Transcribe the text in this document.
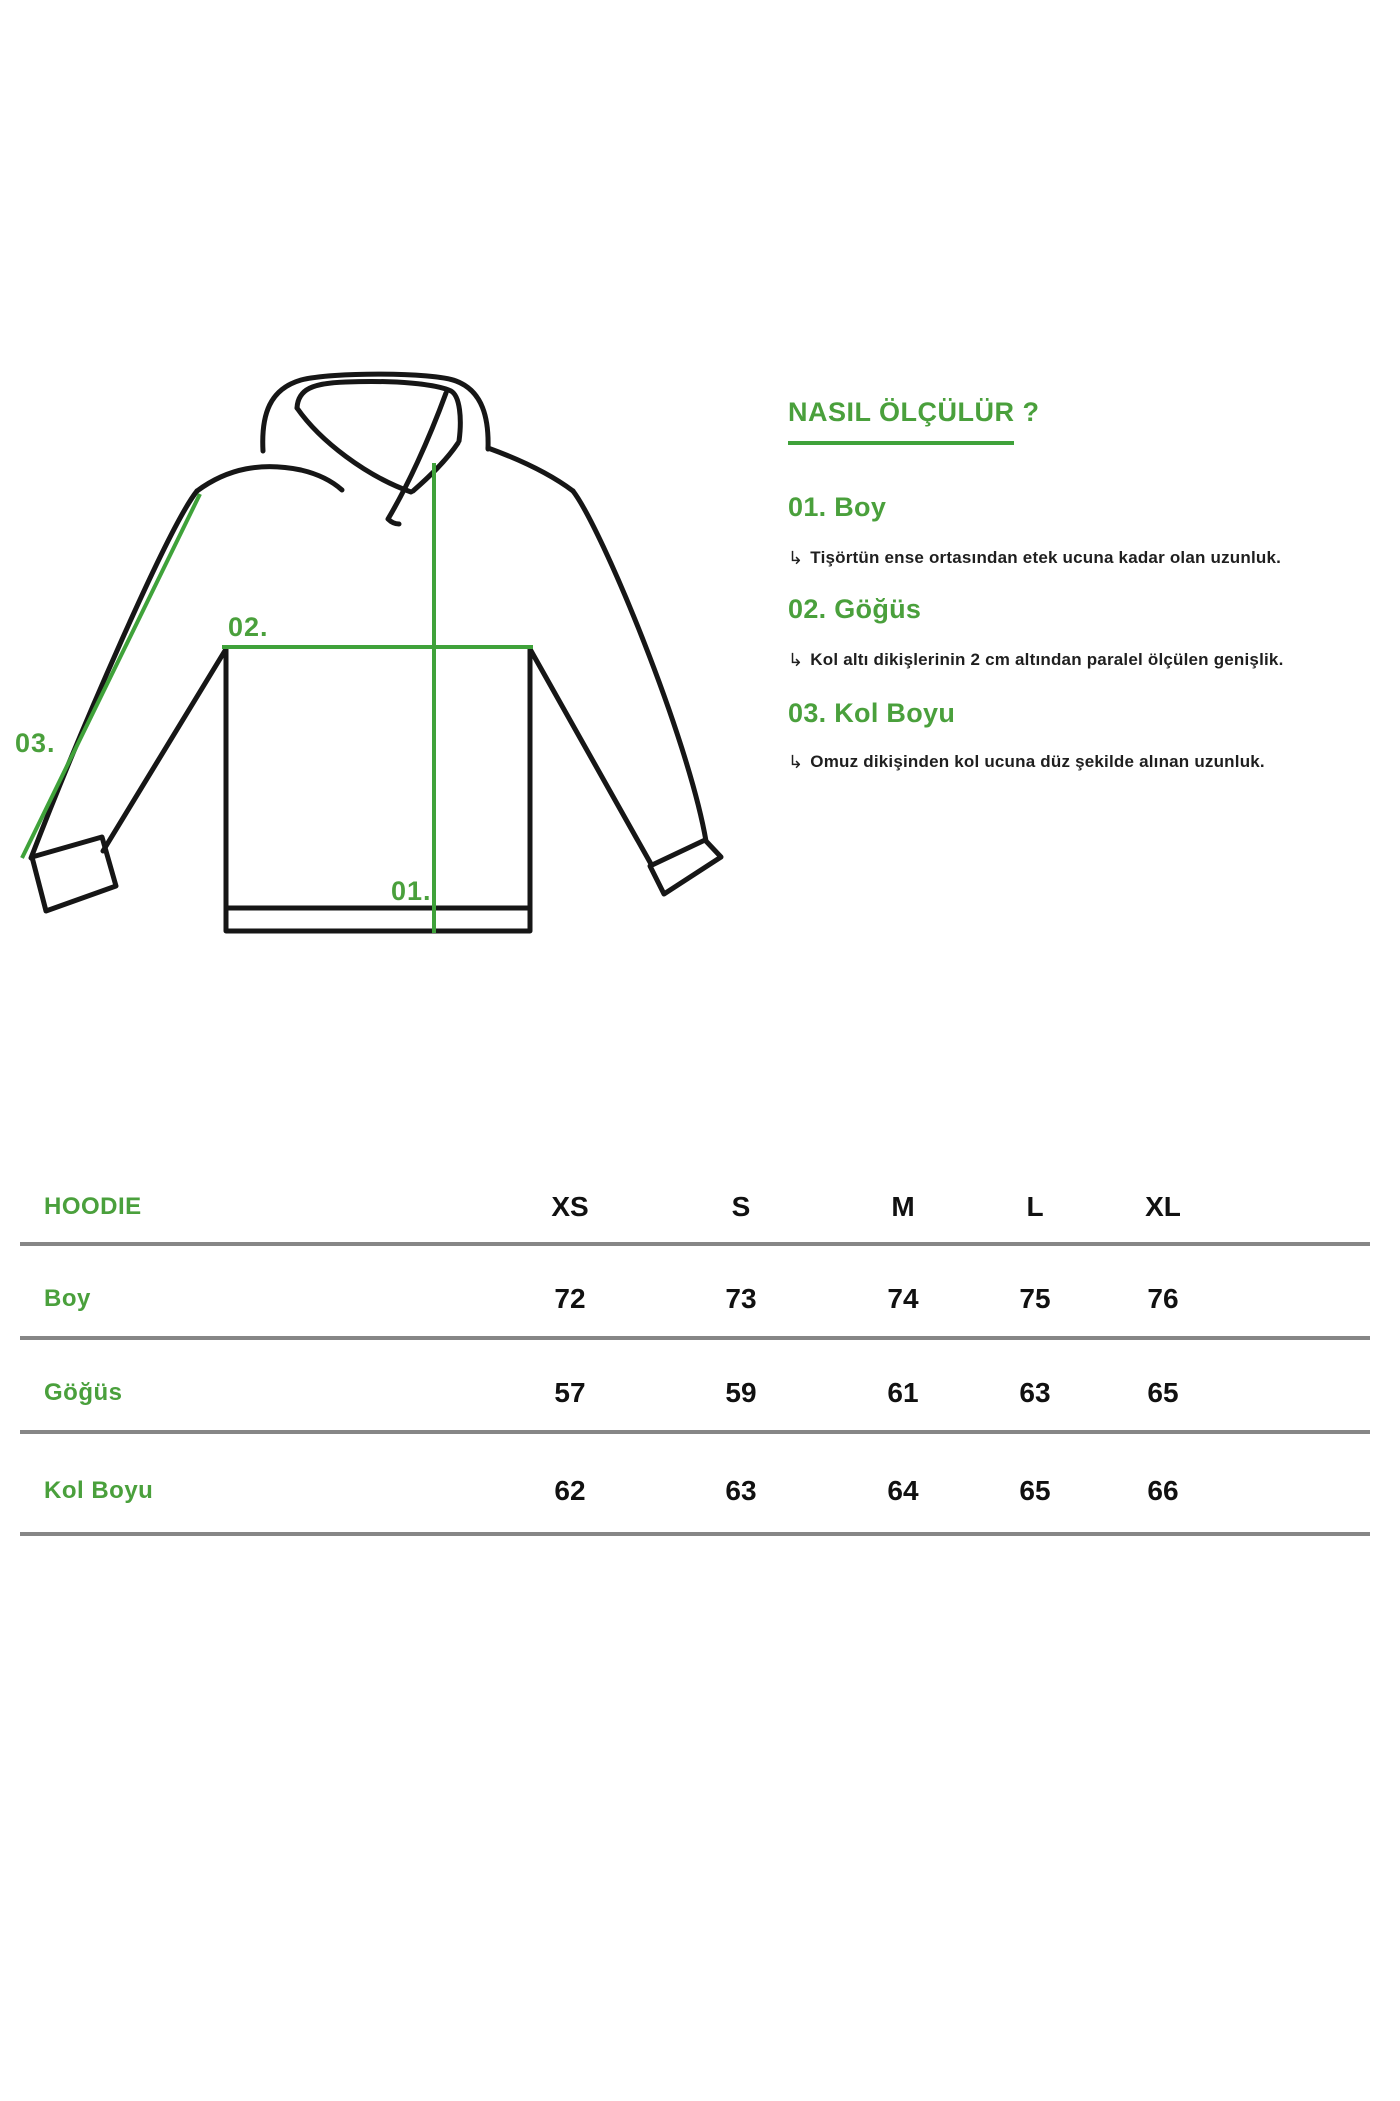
02.
03.
01.
NASIL ÖLÇÜLÜR ?
01. Boy
↳ Tişörtün ense ortasından etek ucuna kadar olan uzunluk.
02. Göğüs
↳ Kol altı dikişlerinin 2 cm altından paralel ölçülen genişlik.
03. Kol Boyu
↳ Omuz dikişinden kol ucuna düz şekilde alınan uzunluk.
HOODIE	XS	S	M	L	XL
Boy	72	73	74	75	76
Göğüs	57	59	61	63	65
Kol Boyu	62	63	64	65	66
